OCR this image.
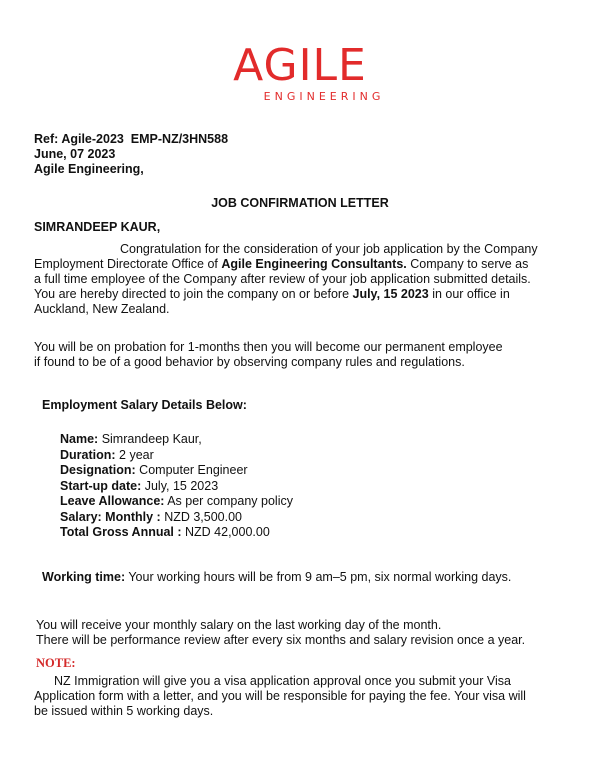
AGILE
ENGINEERING
Ref: Agile-2023  EMP-NZ/3HN588
June, 07 2023
Agile Engineering,
JOB CONFIRMATION LETTER
SIMRANDEEP KAUR,
Congratulation for the consideration of your job application by the Company
Employment Directorate Office of Agile Engineering Consultants. Company to serve as
a full time employee of the Company after review of your job application submitted details.
You are hereby directed to join the company on or before July, 15 2023 in our office in
Auckland, New Zealand.
You will be on probation for 1-months then you will become our permanent employee
if found to be of a good behavior by observing company rules and regulations.
Employment Salary Details Below:
Name: Simrandeep Kaur,
Duration: 2 year
Designation: Computer Engineer
Start-up date: July, 15 2023
Leave Allowance: As per company policy
Salary: Monthly : NZD 3,500.00
Total Gross Annual : NZD 42,000.00
Working time: Your working hours will be from 9 am–5 pm, six normal working days.
You will receive your monthly salary on the last working day of the month.
There will be performance review after every six months and salary revision once a year.
NOTE:
NZ Immigration will give you a visa application approval once you submit your Visa
Application form with a letter, and you will be responsible for paying the fee. Your visa will
be issued within 5 working days.
